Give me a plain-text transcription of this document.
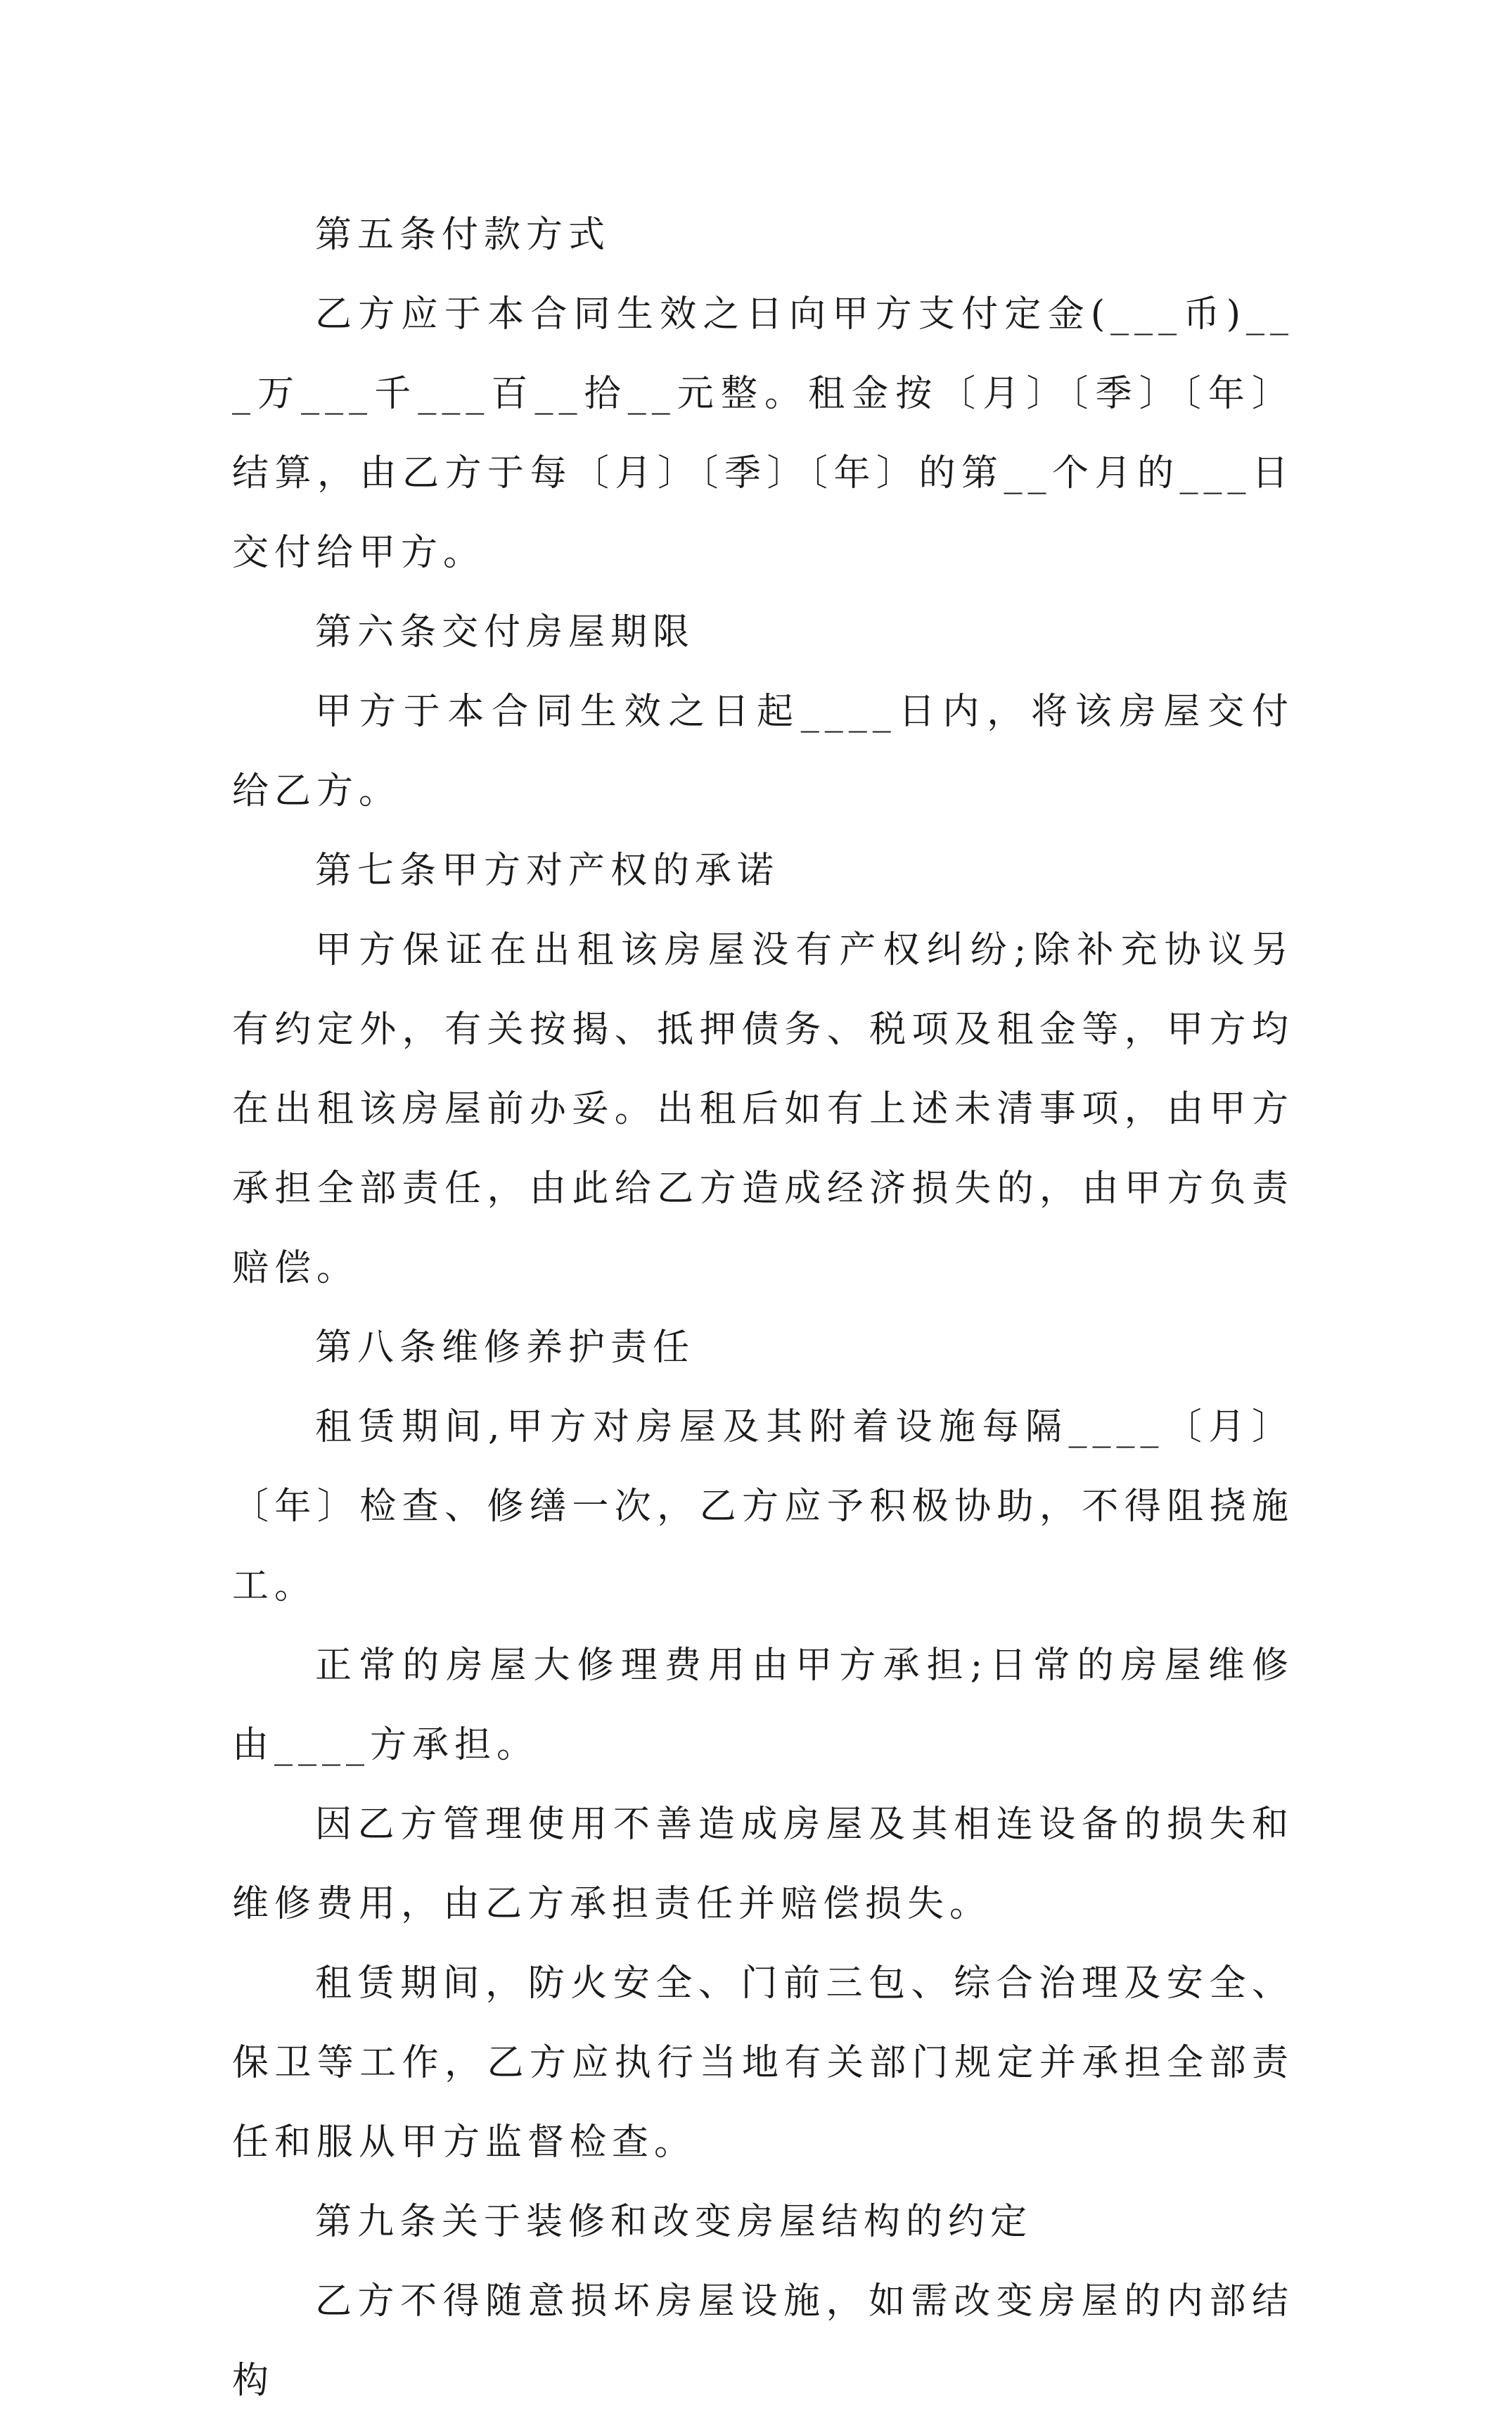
第五条付款方式

乙方应于本合同生效之日向甲方支付定金(___币)___万___千___百__拾__元整。租金按〔月〕〔季〕〔年〕结算，由乙方于每〔月〕〔季〕〔年〕的第__个月的___日交付给甲方。

第六条交付房屋期限

甲方于本合同生效之日起____日内，将该房屋交付给乙方。

第七条甲方对产权的承诺

甲方保证在出租该房屋没有产权纠纷;除补充协议另有约定外，有关按揭、抵押债务、税项及租金等，甲方均在出租该房屋前办妥。出租后如有上述未清事项，由甲方承担全部责任，由此给乙方造成经济损失的，由甲方负责赔偿。

第八条维修养护责任

租赁期间,甲方对房屋及其附着设施每隔____〔月〕〔年〕检查、修缮一次，乙方应予积极协助，不得阻挠施工。

正常的房屋大修理费用由甲方承担;日常的房屋维修由____方承担。

因乙方管理使用不善造成房屋及其相连设备的损失和维修费用，由乙方承担责任并赔偿损失。

租赁期间，防火安全、门前三包、综合治理及安全、保卫等工作，乙方应执行当地有关部门规定并承担全部责任和服从甲方监督检查。

第九条关于装修和改变房屋结构的约定

乙方不得随意损坏房屋设施，如需改变房屋的内部结构
